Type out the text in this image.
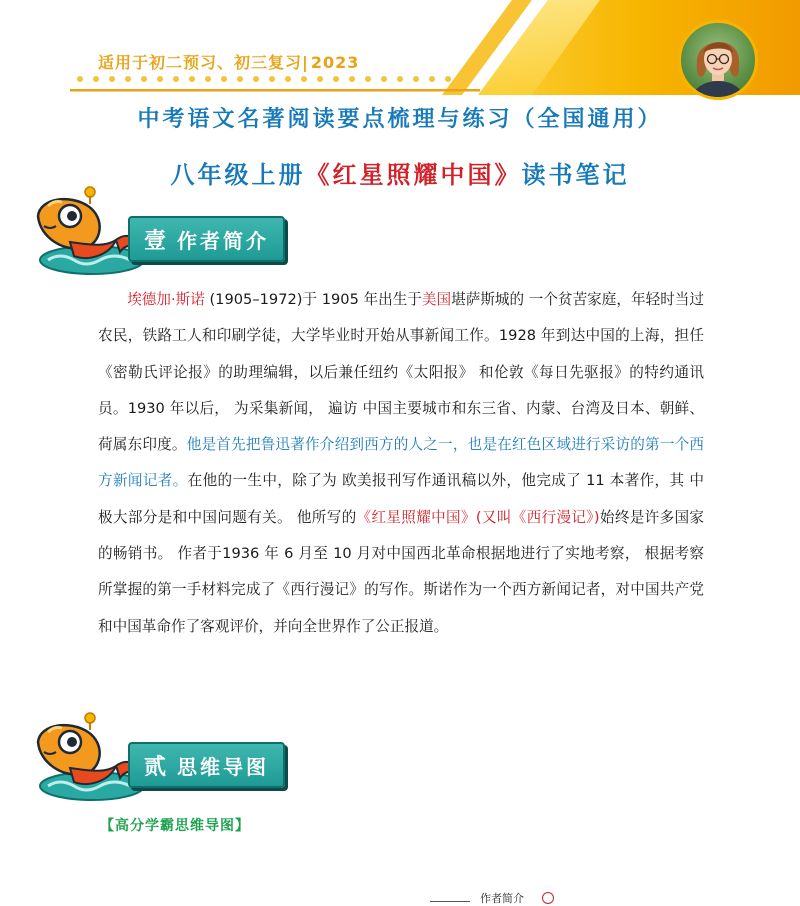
适用于初二预习、初三复习| 2023
中考语文名著阅读要点梳理与练习（全国通用）
八年级上册《红星照耀中国》读书笔记
壹 作者简介

埃德加·斯诺 (1905–1972)于 1905 年出生于美国堪萨斯城的 一个贫苦家庭，年轻时当过农民，铁路工人和印刷学徒，大学毕业时开始从事新闻工作。1928 年到达中国的上海，担任《密勒氏评论报》的助理编辑，以后兼任纽约《太阳报》 和伦敦《每日先驱报》的特约通讯员。1930 年以后， 为采集新闻， 遍访 中国主要城市和东三省、内蒙、台湾及日本、朝鲜、荷属东印度。他是首先把鲁迅著作介绍到西方的人之一，也是在红色区域进行采访的第一个西方新闻记者。在他的一生中，除了为 欧美报刊写作通讯稿以外，他完成了 11 本著作，其 中极大部分是和中国问题有关。 他所写的《红星照耀中国》(又叫《西行漫记》)始终是许多国家的畅销书。 作者于1936 年 6 月至 10 月对中国西北革命根据地进行了实地考察， 根据考察所掌握的第一手材料完成了《西行漫记》的写作。斯诺作为一个西方新闻记者，对中国共产党和中国革命作了客观评价，并向全世界作了公正报道。

贰 思维导图
【高分学霸思维导图】
作者简介
